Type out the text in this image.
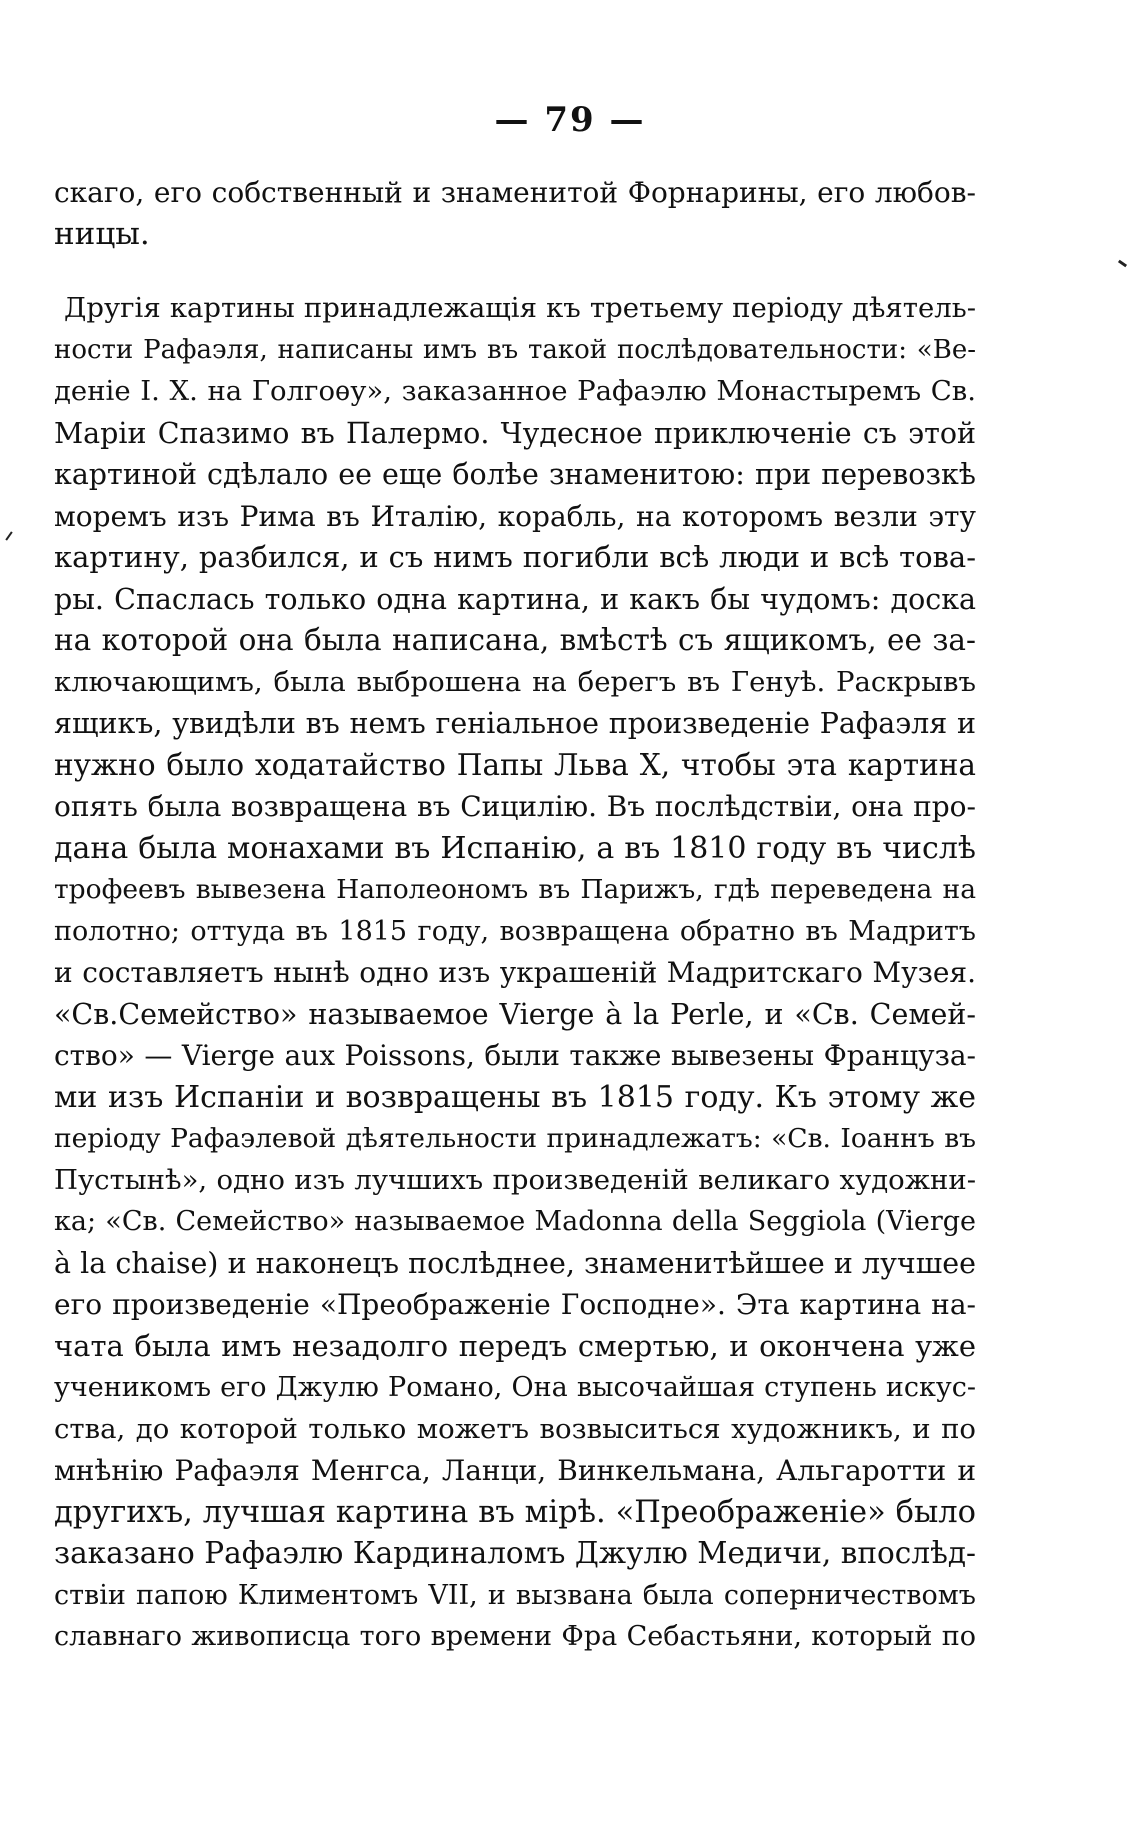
— 79 —
скаго, его собственный и знаменитой Форнарины, его любов-
ницы.
Другія картины принадлежащія къ третьему періоду дѣятель-
ности Рафаэля, написаны имъ въ такой послѣдовательности: «Ве-
деніе І. Х. на Голгоѳу», заказанное Рафаэлю Монастыремъ Св.
Маріи Спазимо въ Палермо. Чудесное приключеніе съ этой
картиной сдѣлало ее еще болѣе знаменитою: при перевозкѣ
моремъ изъ Рима въ Италію, корабль, на которомъ везли эту
картину, разбился, и съ нимъ погибли всѣ люди и всѣ това-
ры. Спаслась только одна картина, и какъ бы чудомъ: доска
на которой она была написана, вмѣстѣ съ ящикомъ, ее за-
ключающимъ, была выброшена на берегъ въ Генуѣ. Раскрывъ
ящикъ, увидѣли въ немъ геніальное произведеніе Рафаэля и
нужно было ходатайство Папы Льва Х, чтобы эта картина
опять была возвращена въ Сицилію. Въ послѣдствіи, она про-
дана была монахами въ Испанію, а въ 1810 году въ числѣ
трофеевъ вывезена Наполеономъ въ Парижъ, гдѣ переведена на
полотно; оттуда въ 1815 году, возвращена обратно въ Мадритъ
и составляетъ нынѣ одно изъ украшеній Мадритскаго Музея.
«Св.Семейство» называемое Vierge à la Perle, и «Св. Семей-
ство» — Vierge aux Poissons, были также вывезены Француза-
ми изъ Испаніи и возвращены въ 1815 году. Къ этому же
періоду Рафаэлевой дѣятельности принадлежатъ: «Св. Іоаннъ въ
Пустынѣ», одно изъ лучшихъ произведеній великаго художни-
ка; «Св. Семейство» называемое Madonna della Seggiola (Vierge
à la chaise) и наконецъ послѣднее, знаменитѣйшее и лучшее
его произведеніе «Преображеніе Господне». Эта картина на-
чата была имъ незадолго передъ смертью, и окончена уже
ученикомъ его Джулю Романо, Она высочайшая ступень искус-
ства, до которой только можетъ возвыситься художникъ, и по
мнѣнію Рафаэля Менгса, Ланци, Винкельмана, Альгаротти и
другихъ, лучшая картина въ мірѣ. «Преображеніе» было
заказано Рафаэлю Кардиналомъ Джулю Медичи, впослѣд-
ствіи папою Климентомъ VII, и вызвана была соперничествомъ
славнаго живописца того времени Фра Себастьяни, который по
